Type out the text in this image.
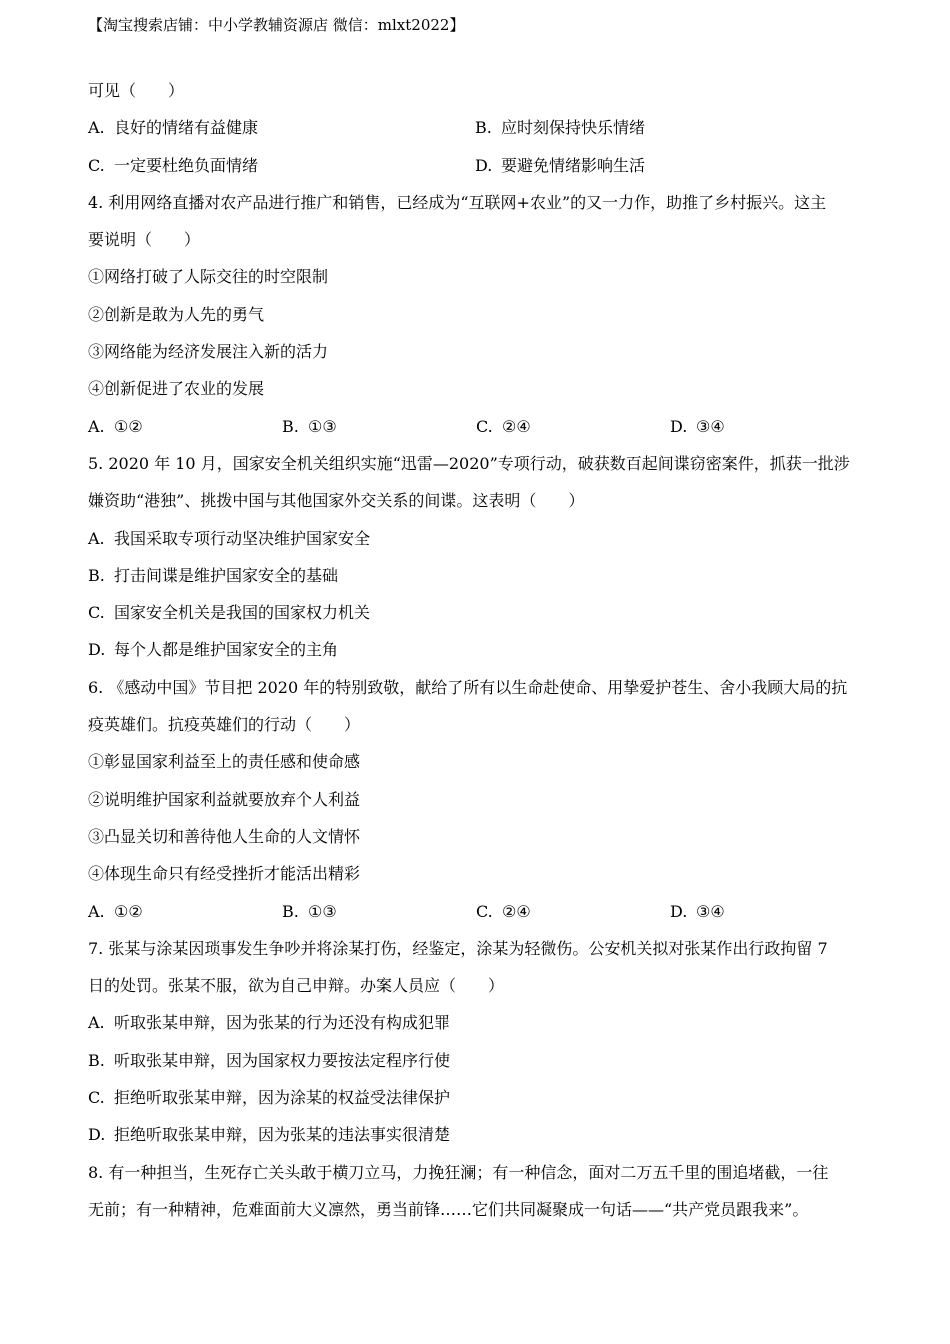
【淘宝搜索店铺：中小学教辅资源店 微信：mlxt2022】
可见（　　）
A. 良好的情绪有益健康	B. 应时刻保持快乐情绪
C. 一定要杜绝负面情绪	D. 要避免情绪影响生活
4. 利用网络直播对农产品进行推广和销售，已经成为“互联网+农业”的又一力作，助推了乡村振兴。这主
要说明（　　）
①网络打破了人际交往的时空限制
②创新是敢为人先的勇气
③网络能为经济发展注入新的活力
④创新促进了农业的发展
A. ①②	B. ①③	C. ②④	D. ③④
5. 2020 年 10 月，国家安全机关组织实施“迅雷—2020”专项行动，破获数百起间谍窃密案件，抓获一批涉
嫌资助“港独”、挑拨中国与其他国家外交关系的间谍。这表明（　　）
A. 我国采取专项行动坚决维护国家安全
B. 打击间谍是维护国家安全的基础
C. 国家安全机关是我国的国家权力机关
D. 每个人都是维护国家安全的主角
6. 《感动中国》节目把 2020 年的特别致敬，献给了所有以生命赴使命、用挚爱护苍生、舍小我顾大局的抗
疫英雄们。抗疫英雄们的行动（　　）
①彰显国家利益至上的责任感和使命感
②说明维护国家利益就要放弃个人利益
③凸显关切和善待他人生命的人文情怀
④体现生命只有经受挫折才能活出精彩
A. ①②	B. ①③	C. ②④	D. ③④
7. 张某与涂某因琐事发生争吵并将涂某打伤，经鉴定，涂某为轻微伤。公安机关拟对张某作出行政拘留 7
日的处罚。张某不服，欲为自己申辩。办案人员应（　　）
A. 听取张某申辩，因为张某的行为还没有构成犯罪
B. 听取张某申辩，因为国家权力要按法定程序行使
C. 拒绝听取张某申辩，因为涂某的权益受法律保护
D. 拒绝听取张某申辩，因为张某的违法事实很清楚
8. 有一种担当，生死存亡关头敢于横刀立马，力挽狂澜；有一种信念，面对二万五千里的围追堵截，一往
无前；有一种精神，危难面前大义凛然，勇当前锋……它们共同凝聚成一句话——“共产党员跟我来”。
